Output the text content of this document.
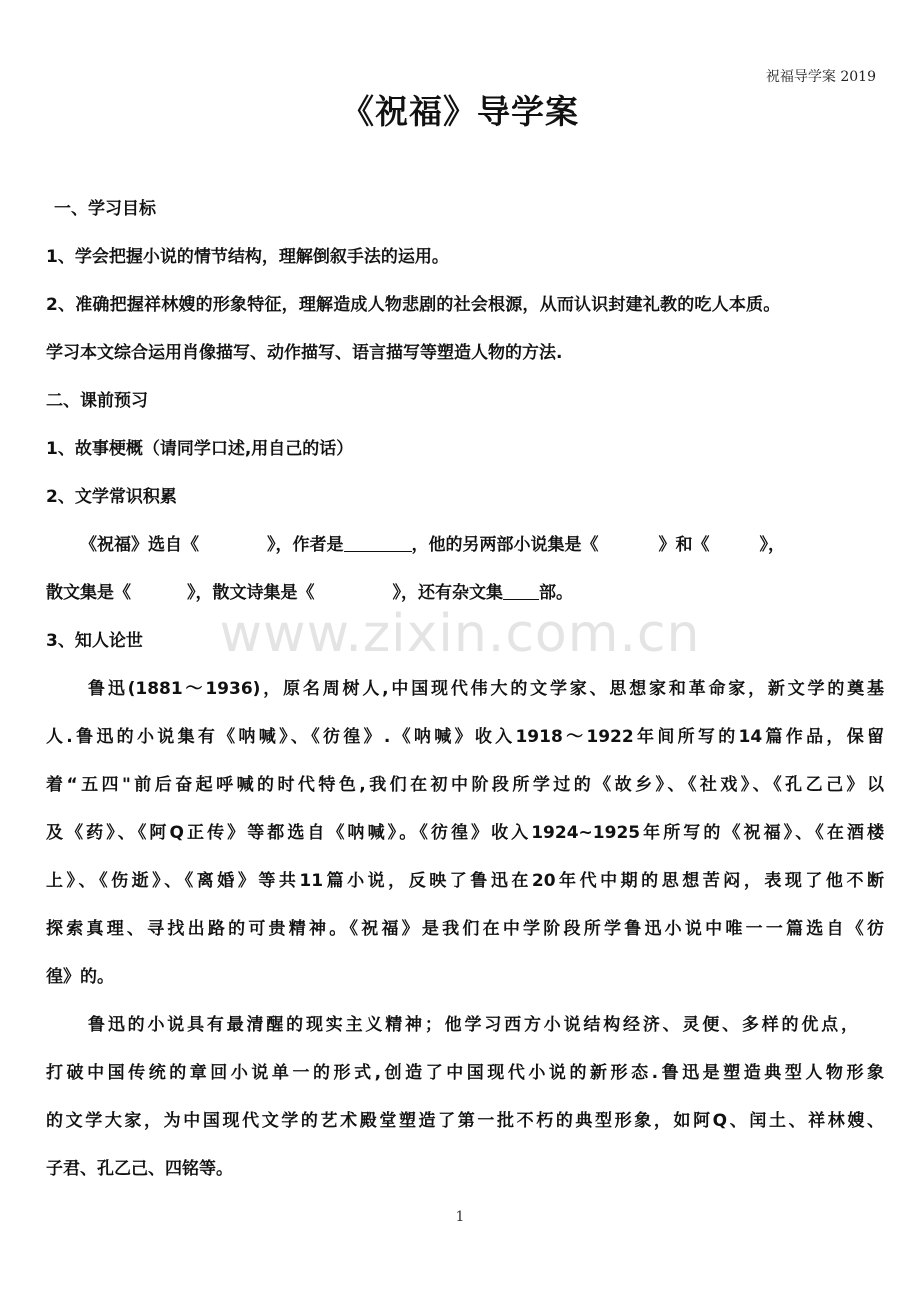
祝福导学案 2019
《祝福》导学案
www.zixin.com.cn
一、学习目标
1、学会把握小说的情节结构，理解倒叙手法的运用。
2、准确把握祥林嫂的形象特征，理解造成人物悲剧的社会根源，从而认识封建礼教的吃人本质。
学习本文综合运用肖像描写、动作描写、语言描写等塑造人物的方法.
二、课前预习
1、故事梗概（请同学口述,用自己的话）
2、文学常识积累
《祝福》选自《	》，作者是	，他的另两部小说集是《	》和《	》，
散文集是《	》，散文诗集是《	》，还有杂文集 部。
3、知人论世
鲁迅(1881～1936)，原名周树人,中国现代伟大的文学家、思想家和革命家，新文学的奠基
人.鲁迅的小说集有《呐喊》、《彷徨》.《呐喊》收入1918～1922年间所写的14篇作品，保留
着“五四"前后奋起呼喊的时代特色,我们在初中阶段所学过的《故乡》、《社戏》、《孔乙己》以
及《药》、《阿Q正传》等都选自《呐喊》。《彷徨》收入1924~1925年所写的《祝福》、《在酒楼
上》、《伤逝》、《离婚》等共11篇小说，反映了鲁迅在20年代中期的思想苦闷，表现了他不断
探索真理、寻找出路的可贵精神。《祝福》是我们在中学阶段所学鲁迅小说中唯一一篇选自《彷
徨》的。
鲁迅的小说具有最清醒的现实主义精神；他学习西方小说结构经济、灵便、多样的优点，
打破中国传统的章回小说单一的形式,创造了中国现代小说的新形态.鲁迅是塑造典型人物形象
的文学大家，为中国现代文学的艺术殿堂塑造了第一批不朽的典型形象，如阿Q、闰土、祥林嫂、
子君、孔乙己、四铭等。
1
